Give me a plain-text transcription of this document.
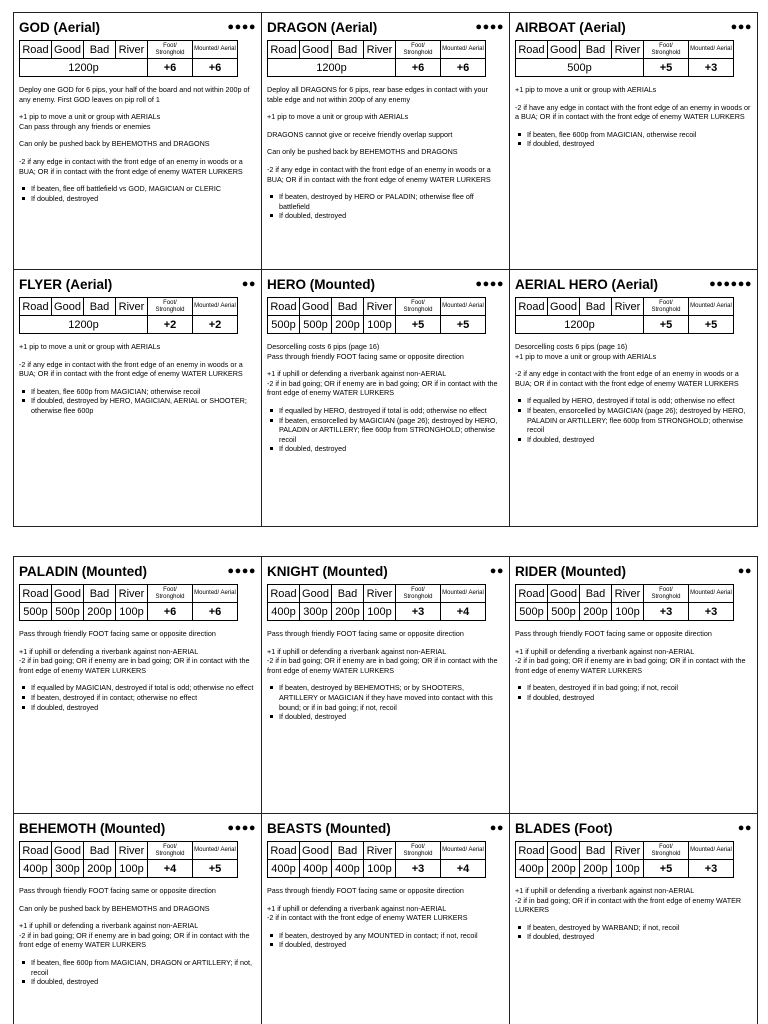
GOD (Aerial)	●●●●
Road	Good	Bad	River	Foot/ Stronghold	Mounted/ Aerial
1200p				+6	+6

Deploy one GOD for 6 pips, your half of the board and not within 200p of any enemy. First GOD leaves on pip roll of 1

+1 pip to move a unit or group with AERIALs
Can pass through any friends or enemies

Can only be pushed back by BEHEMOTHS and DRAGONS

-2 if any edge in contact with the front edge of an enemy in woods or a BUA; OR if in contact with the front edge of enemy WATER LURKERS

If beaten, flee off battlefield vs GOD, MAGICIAN or CLERIC
If doubled, destroyed
DRAGON (Aerial)	●●●●
Road	Good	Bad	River	Foot/ Stronghold	Mounted/ Aerial
1200p				+6	+6

Deploy all DRAGONS for 6 pips, rear base edges in contact with your table edge and not within 200p of any enemy

+1 pip to move a unit or group with AERIALs

DRAGONS cannot give or receive friendly overlap support

Can only be pushed back by BEHEMOTHS and DRAGONS

-2 if any edge in contact with the front edge of an enemy in woods or a BUA; OR if in contact with the front edge of enemy WATER LURKERS

If beaten, destroyed by HERO or PALADIN; otherwise flee off battlefield
If doubled, destroyed
AIRBOAT (Aerial)	●●●
Road	Good	Bad	River	Foot/ Stronghold	Mounted/ Aerial
500p				+5	+3

+1 pip to move a unit or group with AERIALs

-2 if have any edge in contact with the front edge of an enemy in woods or a BUA; OR if in contact with the front edge of enemy WATER LURKERS

If beaten, flee 600p from MAGICIAN, otherwise recoil
If doubled, destroyed
FLYER (Aerial)	●●
Road	Good	Bad	River	Foot/ Stronghold	Mounted/ Aerial
1200p				+2	+2

+1 pip to move a unit or group with AERIALs

-2 if any edge in contact with the front edge of an enemy in woods or a BUA; OR if in contact with the front edge of enemy WATER LURKERS

If beaten, flee 600p from MAGICIAN; otherwise recoil
If doubled, destroyed by HERO, MAGICIAN, AERIAL or SHOOTER; otherwise flee 600p
HERO (Mounted)	●●●●
Road	Good	Bad	River	Foot/ Stronghold	Mounted/ Aerial
500p	500p	200p	100p	+5	+5

Desorcelling costs 6 pips (page 16)
Pass through friendly FOOT facing same or opposite direction

+1 if uphill or defending a riverbank against non-AERIAL
-2 if in bad going; OR if enemy are in bad going; OR if in contact with the front edge of enemy WATER LURKERS

If equalled by HERO, destroyed if total is odd; otherwise no effect
If beaten, ensorcelled by MAGICIAN (page 26); destroyed by HERO, PALADIN or ARTILLERY; flee 600p from STRONGHOLD; otherwise recoil
If doubled, destroyed
AERIAL HERO (Aerial)	●●●●●●
Road	Good	Bad	River	Foot/ Stronghold	Mounted/ Aerial
1200p				+5	+5

Desorcelling costs 6 pips (page 16)
+1 pip to move a unit or group with AERIALs

-2 if any edge in contact with the front edge of an enemy in woods or a BUA; OR if in contact with the front edge of enemy WATER LURKERS

If equalled by HERO, destroyed if total is odd; otherwise no effect
If beaten, ensorcelled by MAGICIAN (page 26); destroyed by HERO, PALADIN or ARTILLERY; flee 600p from STRONGHOLD; otherwise recoil
If doubled, destroyed
PALADIN (Mounted)	●●●●
Road	Good	Bad	River	Foot/ Stronghold	Mounted/ Aerial
500p	500p	200p	100p	+6	+6

Pass through friendly FOOT facing same or opposite direction

+1 if uphill or defending a riverbank against non-AERIAL
-2 if in bad going; OR if enemy are in bad going; OR if in contact with the front edge of enemy WATER LURKERS

If equalled by MAGICIAN, destroyed if total is odd; otherwise no effect
If beaten, destroyed if in contact; otherwise no effect
If doubled, destroyed
KNIGHT (Mounted)	●●
Road	Good	Bad	River	Foot/ Stronghold	Mounted/ Aerial
400p	300p	200p	100p	+3	+4

Pass through friendly FOOT facing same or opposite direction

+1 if uphill or defending a riverbank against non-AERIAL
-2 if in bad going; OR if enemy are in bad going; OR if in contact with the front edge of enemy WATER LURKERS

If beaten, destroyed by BEHEMOTHS; or by SHOOTERS, ARTILLERY or MAGICIAN if they have moved into contact with this bound; or if in bad going; if not, recoil
If doubled, destroyed
RIDER (Mounted)	●●
Road	Good	Bad	River	Foot/ Stronghold	Mounted/ Aerial
500p	500p	200p	100p	+3	+3

Pass through friendly FOOT facing same or opposite direction

+1 if uphill or defending a riverbank against non-AERIAL
-2 if in bad going; OR if enemy are in bad going; OR if in contact with the front edge of enemy WATER LURKERS

If beaten, destroyed if in bad going; if not, recoil
If doubled, destroyed
BEHEMOTH (Mounted)	●●●●
Road	Good	Bad	River	Foot/ Stronghold	Mounted/ Aerial
400p	300p	200p	100p	+4	+5

Pass through friendly FOOT facing same or opposite direction

Can only be pushed back by BEHEMOTHS and DRAGONS

+1 if uphill or defending a riverbank against non-AERIAL
-2 if in bad going; OR if enemy are in bad going; OR if in contact with the front edge of enemy WATER LURKERS

If beaten, flee 600p from MAGICIAN, DRAGON or ARTILLERY; if not, recoil
If doubled, destroyed
BEASTS (Mounted)	●●
Road	Good	Bad	River	Foot/ Stronghold	Mounted/ Aerial
400p	400p	400p	100p	+3	+4

Pass through friendly FOOT facing same or opposite direction

+1 if uphill or defending a riverbank against non-AERIAL
-2 if in contact with the front edge of enemy WATER LURKERS

If beaten, destroyed by any MOUNTED in contact; if not, recoil
If doubled, destroyed
BLADES (Foot)	●●
Road	Good	Bad	River	Foot/ Stronghold	Mounted/ Aerial
400p	200p	200p	100p	+5	+3

+1 if uphill or defending a riverbank against non-AERIAL
-2 if in bad going; OR if in contact with the front edge of enemy WATER LURKERS

If beaten, destroyed by WARBAND; if not, recoil
If doubled, destroyed
